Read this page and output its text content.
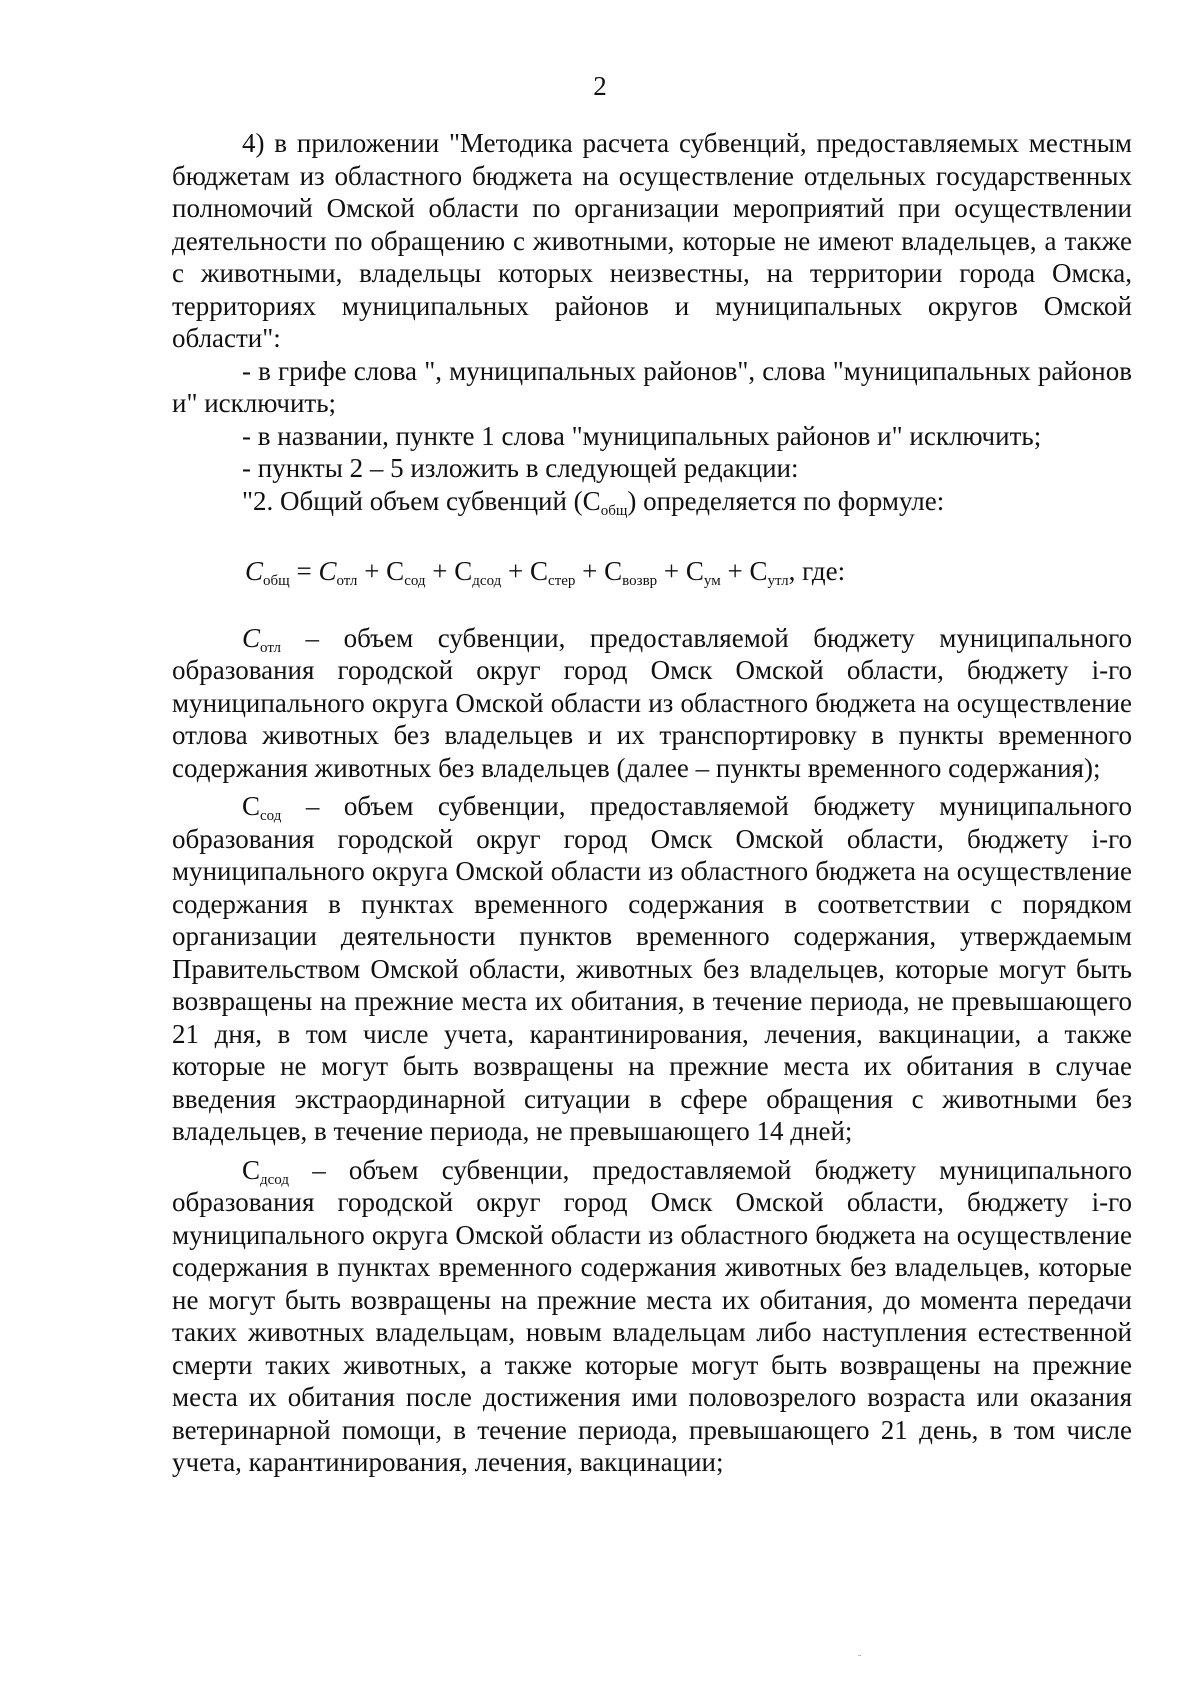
2

4) в приложении "Методика расчета субвенций, предоставляемых местным бюджетам из областного бюджета на осуществление отдельных государственных полномочий Омской области по организации мероприятий при осуществлении деятельности по обращению с животными, которые не имеют владельцев, а также с животными, владельцы которых неизвестны, на территории города Омска, территориях муниципальных районов и муниципальных округов Омской области":

- в грифе слова ", муниципальных районов", слова "муниципальных районов и" исключить;

- в названии, пункте 1 слова "муниципальных районов и" исключить;

- пункты 2 – 5 изложить в следующей редакции:

"2. Общий объем субвенций $(С_{общ})$ определяется по формуле:

$С_{общ} = С_{отл} + С_{сод} + С_{дсод} + С_{стер} + С_{возвр} + С_{ум} + С_{утл}$, где:

$С_{отл}$ – объем субвенции, предоставляемой бюджету муниципального образования городской округ город Омск Омской области, бюджету i-го муниципального округа Омской области из областного бюджета на осуществление отлова животных без владельцев и их транспортировку в пункты временного содержания животных без владельцев (далее – пункты временного содержания);

$С_{сод}$ – объем субвенции, предоставляемой бюджету муниципального образования городской округ город Омск Омской области, бюджету i-го муниципального округа Омской области из областного бюджета на осуществление содержания в пунктах временного содержания в соответствии с порядком организации деятельности пунктов временного содержания, утверждаемым Правительством Омской области, животных без владельцев, которые могут быть возвращены на прежние места их обитания, в течение периода, не превышающего 21 дня, в том числе учета, карантинирования, лечения, вакцинации, а также которые не могут быть возвращены на прежние места их обитания в случае введения экстраординарной ситуации в сфере обращения с животными без владельцев, в течение периода, не превышающего 14 дней;

$С_{дсод}$ – объем субвенции, предоставляемой бюджету муниципального образования городской округ город Омск Омской области, бюджету i-го муниципального округа Омской области из областного бюджета на осуществление содержания в пунктах временного содержания животных без владельцев, которые не могут быть возвращены на прежние места их обитания, до момента передачи таких животных владельцам, новым владельцам либо наступления естественной смерти таких животных, а также которые могут быть возвращены на прежние места их обитания после достижения ими половозрелого возраста или оказания ветеринарной помощи, в течение периода, превышающего 21 день, в том числе учета, карантинирования, лечения, вакцинации;
